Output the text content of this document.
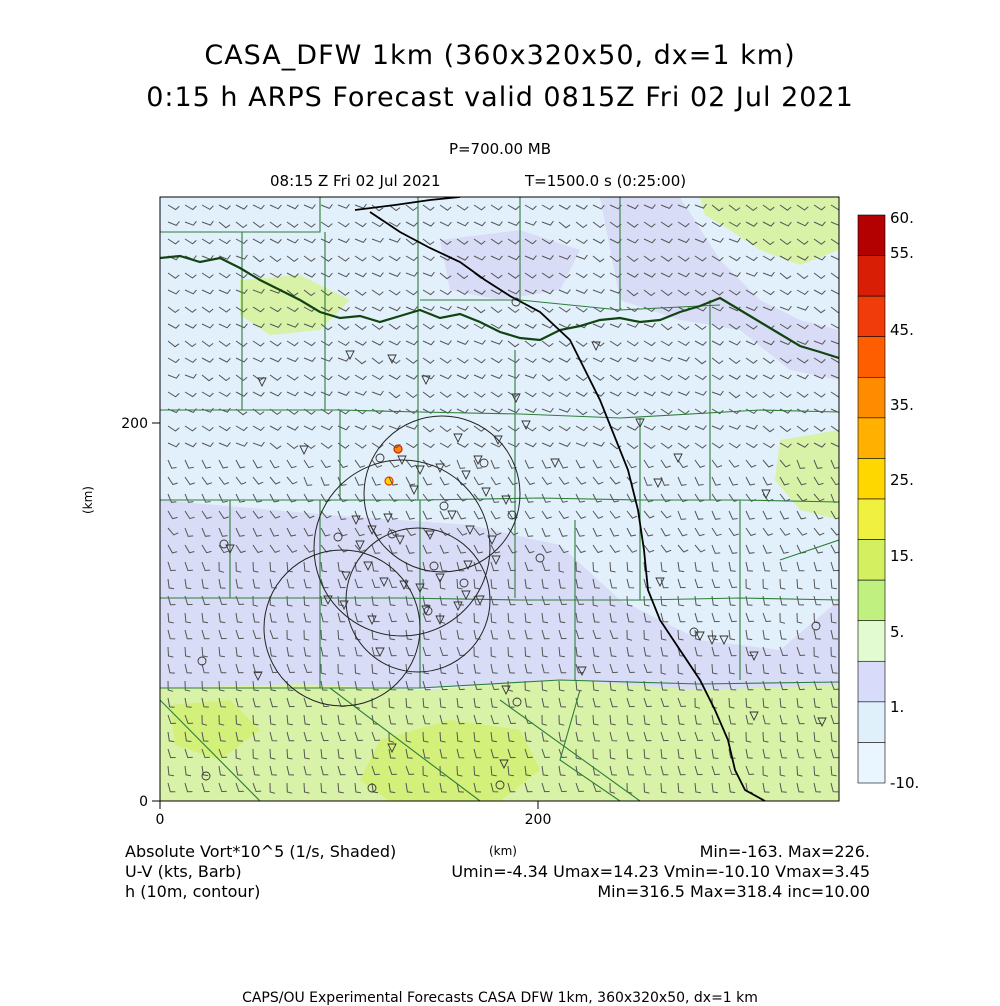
CASA_DFW 1km (360x320x50, dx=1 km)
0:15 h ARPS Forecast valid 0815Z Fri 02 Jul 2021
P=700.00 MB
08:15 Z Fri 02 Jul 2021	T=1500.0 s (0:25:00)
0	200
0
200
(km)
60.
55.
45.
35.
25.
15.
5.
1.
-10.
Absolute Vort*10^5 (1/s, Shaded)
U-V (kts, Barb)
h (10m, contour)
(km)	Min=-163. Max=226.
Umin=-4.34 Umax=14.23 Vmin=-10.10 Vmax=3.45
Min=316.5 Max=318.4 inc=10.00
CAPS/OU Experimental Forecasts CASA DFW 1km, 360x320x50, dx=1 km
